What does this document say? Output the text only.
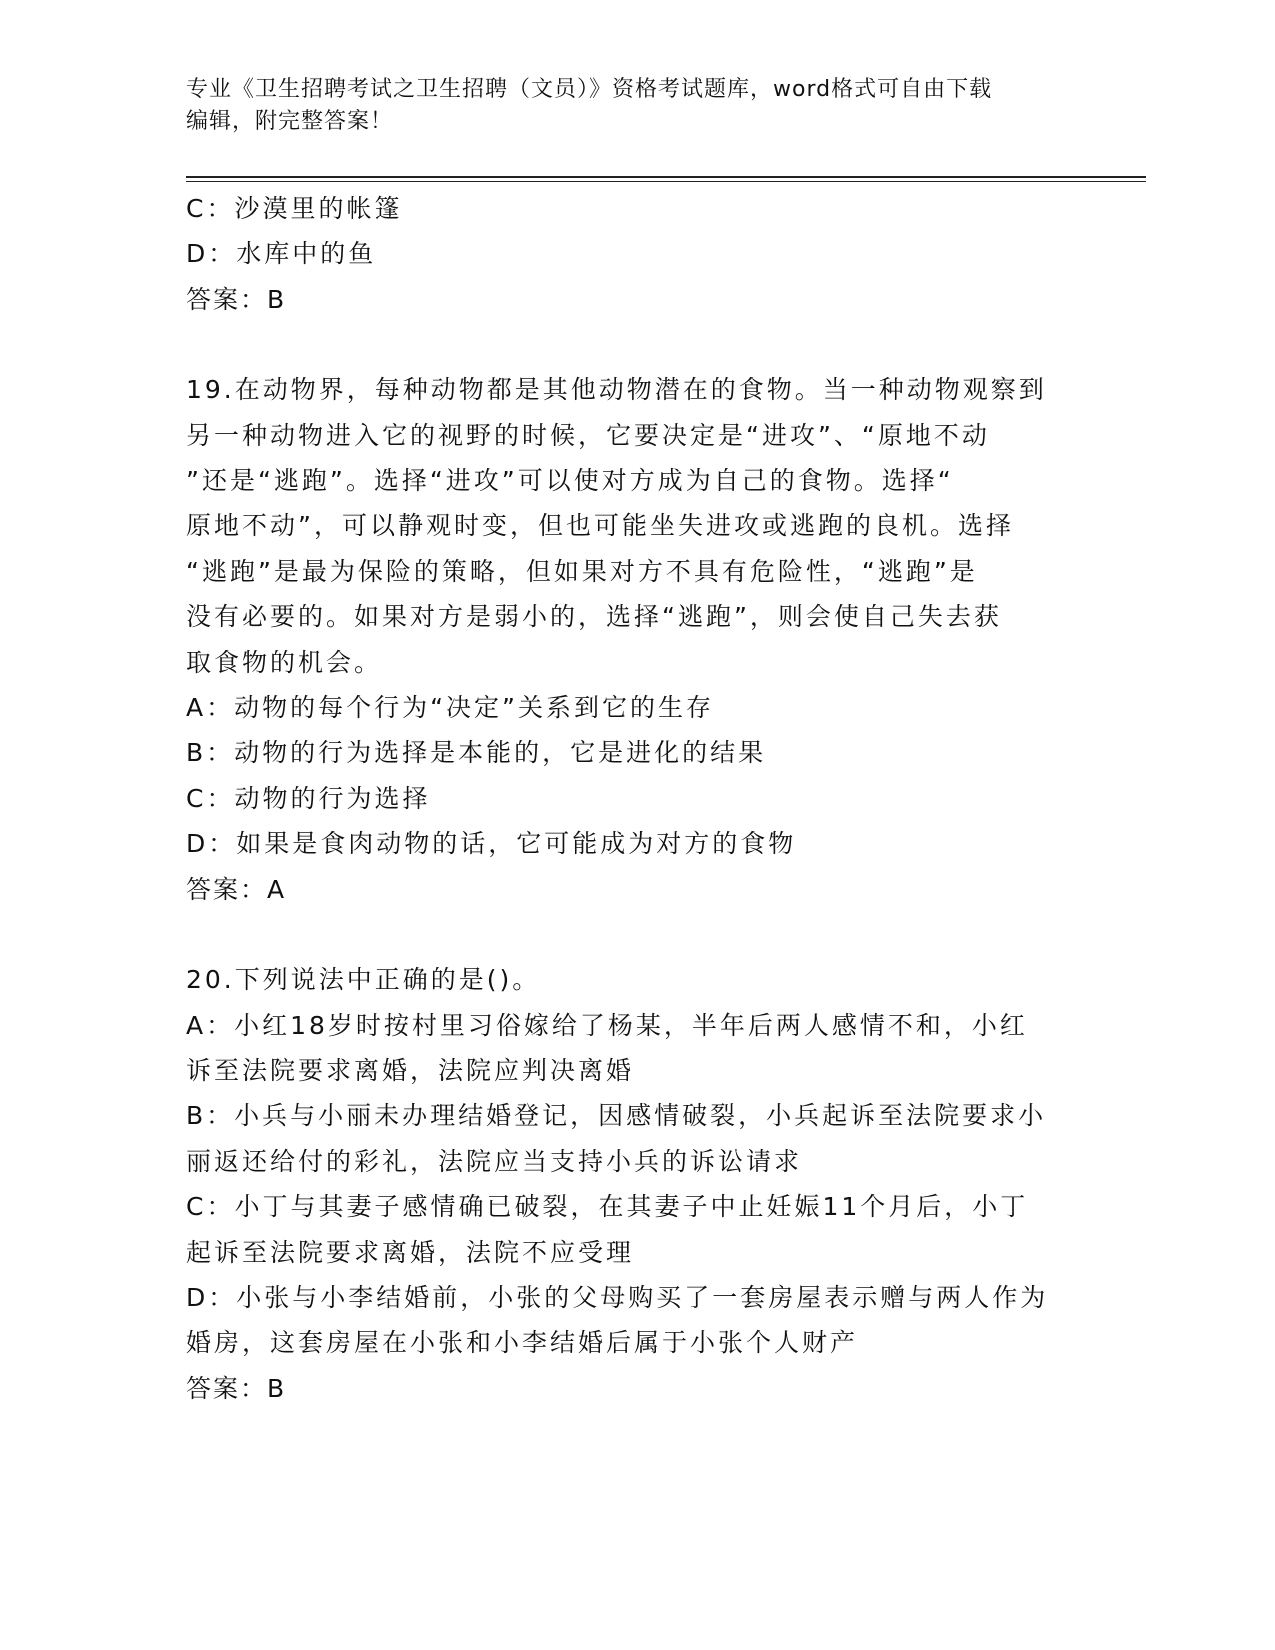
专业《卫生招聘考试之卫生招聘（文员）》资格考试题库，word格式可自由下载
编辑，附完整答案！
C：沙漠里的帐篷
D：水库中的鱼
答案：B
19.在动物界，每种动物都是其他动物潜在的食物。当一种动物观察到
另一种动物进入它的视野的时候，它要决定是“进攻”、“原地不动
”还是“逃跑”。选择“进攻”可以使对方成为自己的食物。选择“
原地不动”，可以静观时变，但也可能坐失进攻或逃跑的良机。选择
“逃跑”是最为保险的策略，但如果对方不具有危险性，“逃跑”是
没有必要的。如果对方是弱小的，选择“逃跑”，则会使自己失去获
取食物的机会。
A：动物的每个行为“决定”关系到它的生存
B：动物的行为选择是本能的，它是进化的结果
C：动物的行为选择
D：如果是食肉动物的话，它可能成为对方的食物
答案：A
20.下列说法中正确的是()。
A：小红18岁时按村里习俗嫁给了杨某，半年后两人感情不和，小红
诉至法院要求离婚，法院应判决离婚
B：小兵与小丽未办理结婚登记，因感情破裂，小兵起诉至法院要求小
丽返还给付的彩礼，法院应当支持小兵的诉讼请求
C：小丁与其妻子感情确已破裂，在其妻子中止妊娠11个月后，小丁
起诉至法院要求离婚，法院不应受理
D：小张与小李结婚前，小张的父母购买了一套房屋表示赠与两人作为
婚房，这套房屋在小张和小李结婚后属于小张个人财产
答案：B
